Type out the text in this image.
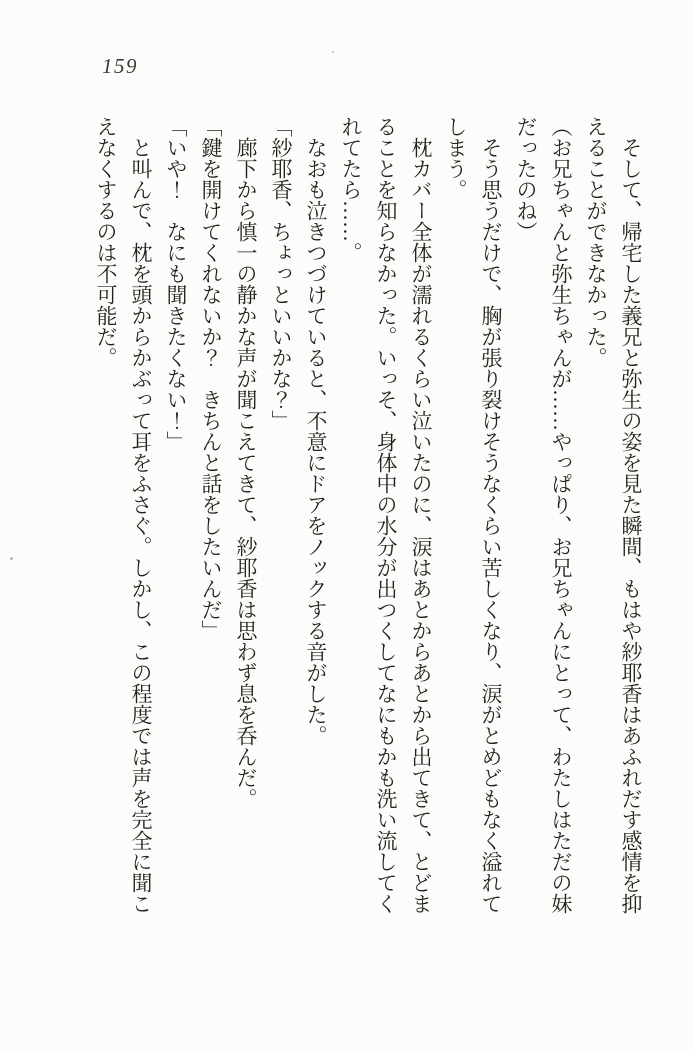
159

そして、帰宅した義兄と弥生の姿を見た瞬間、もはや紗耶香はあふれだす感情を抑えることができなかった。

（お兄ちゃんと弥生ちゃんが……やっぱり、お兄ちゃんにとって、わたしはただの妹だったのね）

そう思うだけで、胸が張り裂けそうなくらい苦しくなり、涙がとめどもなく溢れてしまう。

枕カバー全体が濡れるくらい泣いたのに、涙はあとからあとから出てきて、とどまることを知らなかった。いっそ、身体中の水分が出つくしてなにもかも洗い流してくれてたら……。

なおも泣きつづけていると、不意にドアをノックする音がした。

「紗耶香、ちょっといいかな？」

廊下から慎一の静かな声が聞こえてきて、紗耶香は思わず息を呑んだ。

「鍵を開けてくれないか？　きちんと話をしたいんだ」

「いや！　なにも聞きたくない！」

と叫んで、枕を頭からかぶって耳をふさぐ。しかし、この程度では声を完全に聞こえなくするのは不可能だ。
